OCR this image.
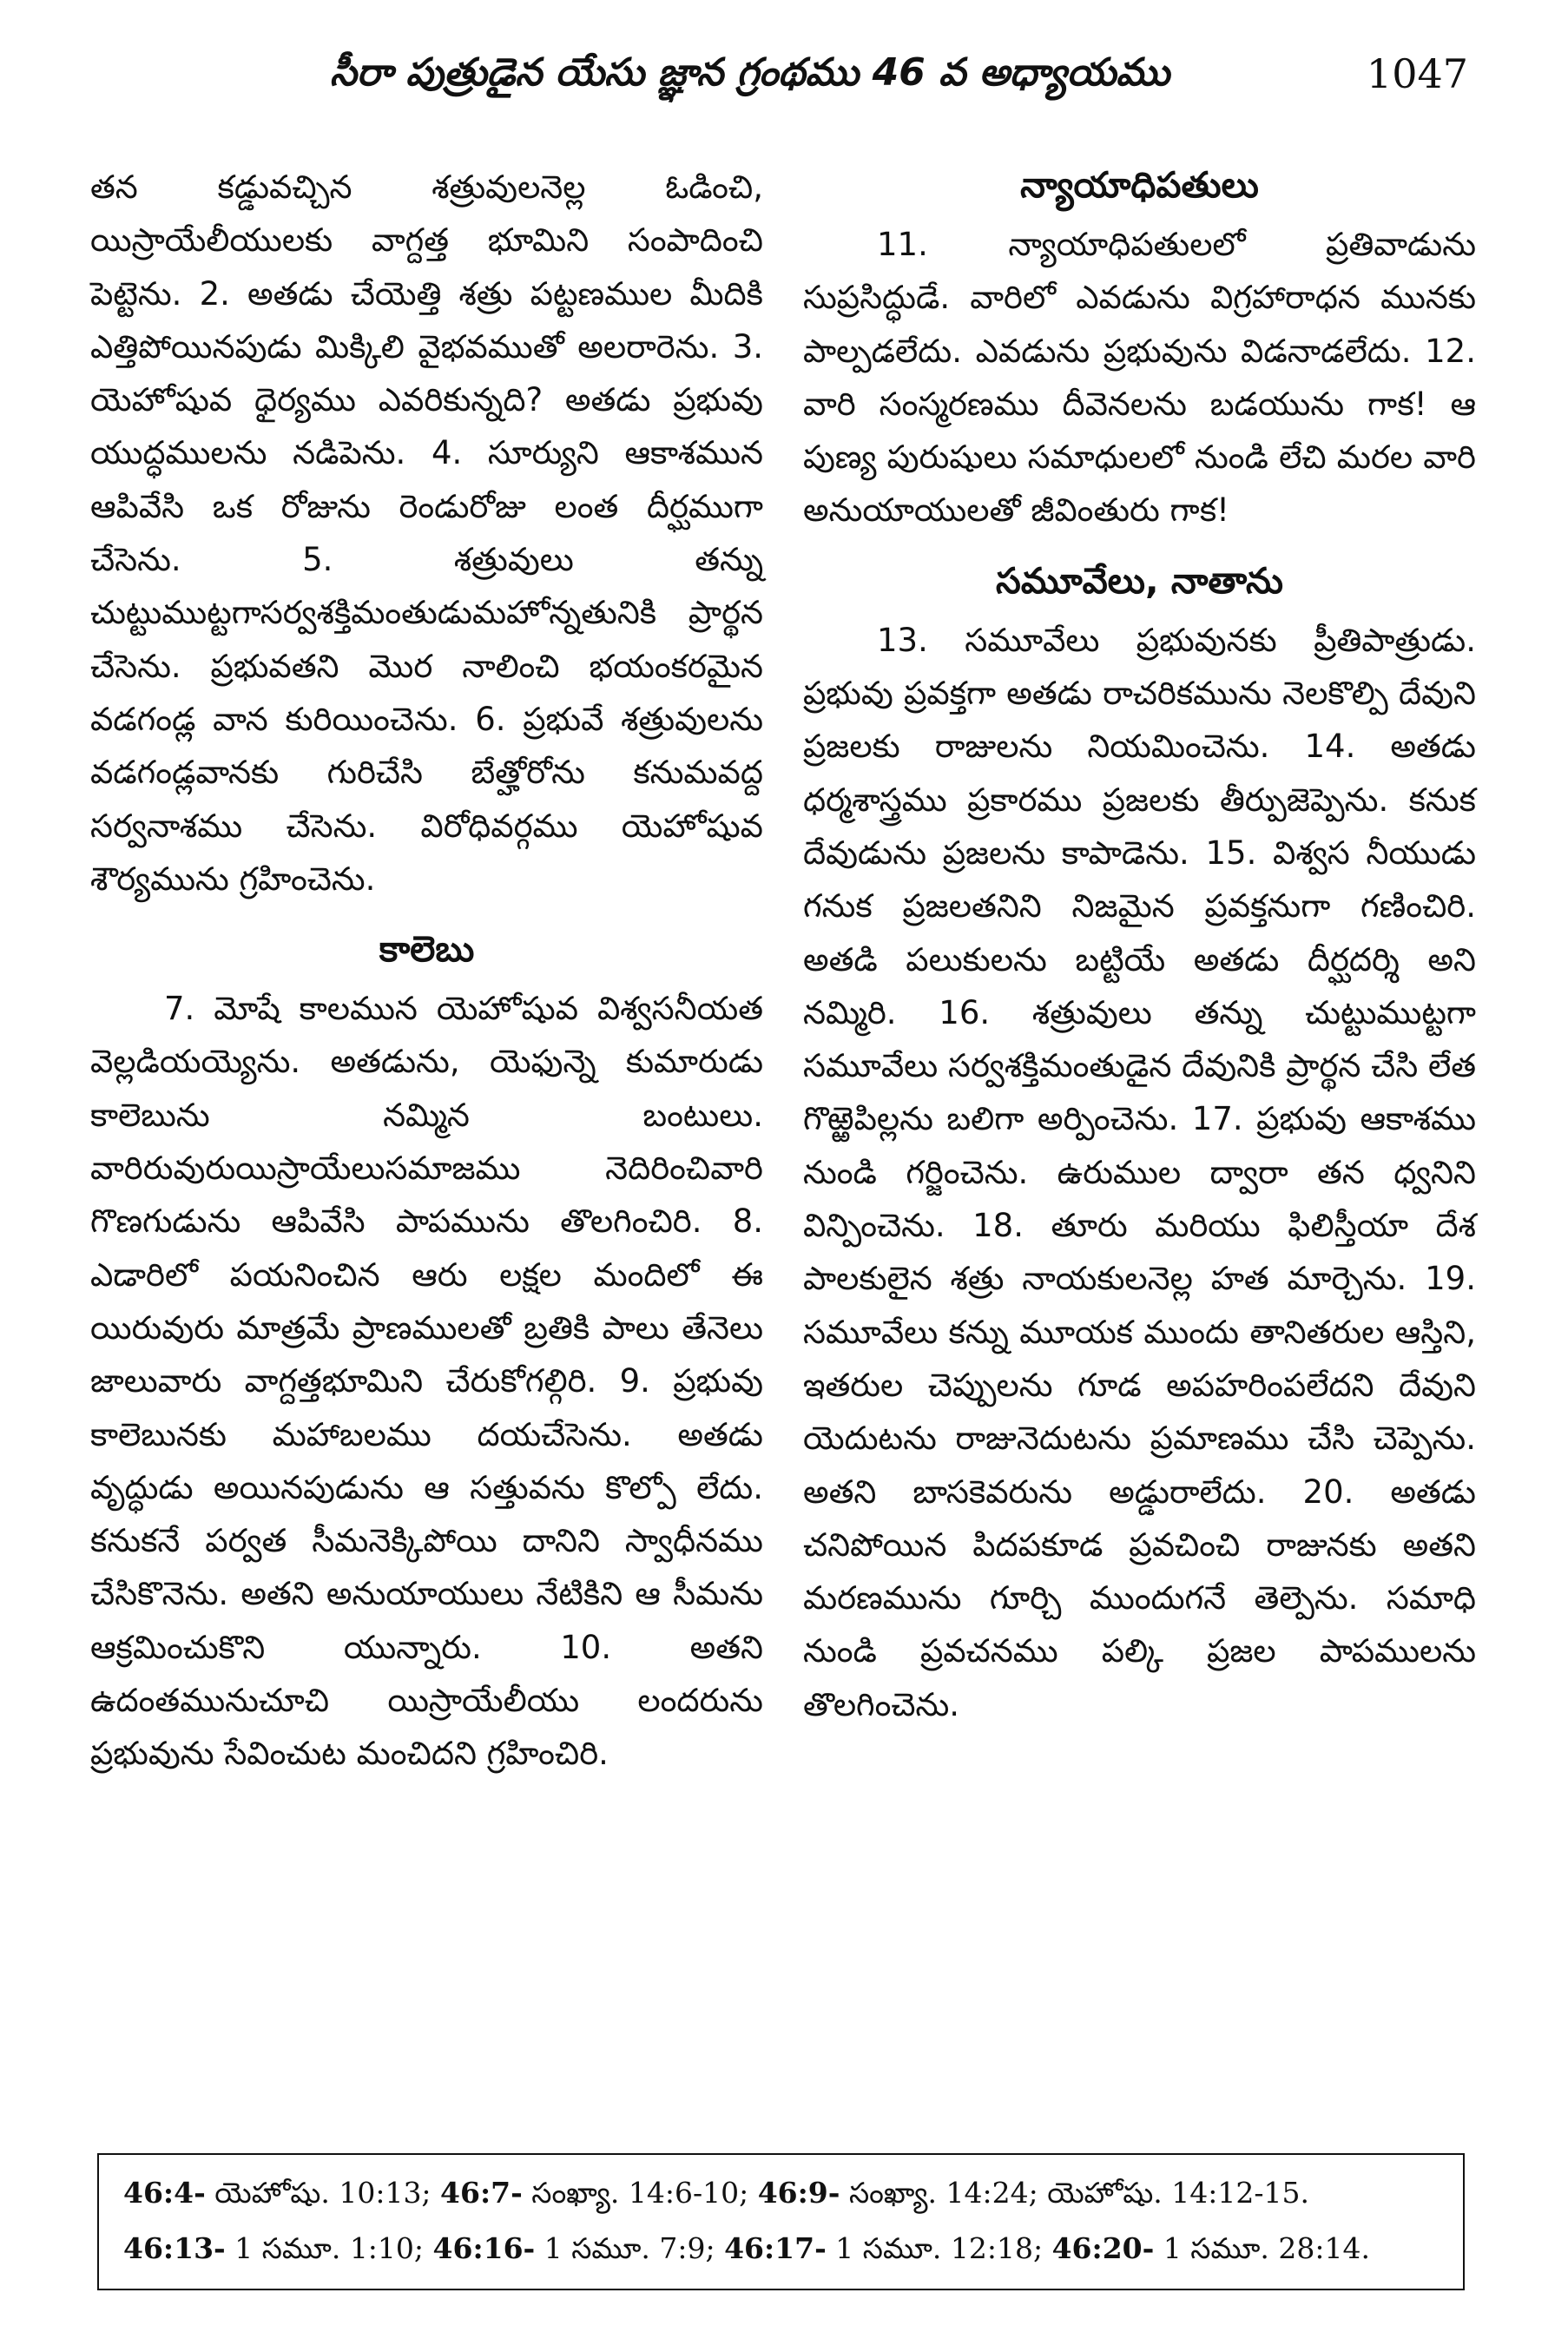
సీరా పుత్రుడైన యేసు జ్ఞాన గ్రంథము 46 వ అధ్యాయము	1047

తన కడ్డువచ్చిన శత్రువులనెల్ల ఓడించి, యిస్రాయేలీయులకు వాగ్దత్త భూమిని సంపాదించి పెట్టెను. 2. అతడు చేయెత్తి శత్రు పట్టణముల మీదికి ఎత్తిపోయినపుడు మిక్కిలి వైభవముతో అలరారెను. 3. యెహోషువ ధైర్యము ఎవరికున్నది? అతడు ప్రభువు యుద్ధములను నడిపెను. 4. సూర్యుని ఆకాశమున ఆపివేసి ఒక రోజును రెండురోజు లంత దీర్ఘముగా చేసెను. 5. శత్రువులు తన్ను చుట్టుముట్టగాసర్వశక్తిమంతుడుమహోన్నతునికి ప్రార్థన చేసెను. ప్రభువతని మొర నాలించి భయంకరమైన వడగండ్ల వాన కురియించెను. 6. ప్రభువే శత్రువులను వడగండ్లవానకు గురిచేసి బేత్హోరోను కనుమవద్ద సర్వనాశము చేసెను. విరోధివర్గము యెహోషువ శౌర్యమును గ్రహించెను.

కాలెబు

7. మోషే కాలమున యెహోషువ విశ్వసనీయత వెల్లడియయ్యెను. అతడును, యెఫున్నె కుమారుడు కాలెబును నమ్మిన బంటులు. వారిరువురుయిస్రాయేలుసమాజము నెదిరించివారి గొణగుడును ఆపివేసి పాపమును తొలగించిరి. 8. ఎడారిలో పయనించిన ఆరు లక్షల మందిలో ఈ యిరువురు మాత్రమే ప్రాణములతో బ్రతికి పాలు తేనెలు జాలువారు వాగ్దత్తభూమిని చేరుకోగల్గిరి. 9. ప్రభువు కాలెబునకు మహాబలము దయచేసెను. అతడు వృద్ధుడు అయినపుడును ఆ సత్తువను కొల్పో లేదు. కనుకనే పర్వత సీమనెక్కిపోయి దానిని స్వాధీనము చేసికొనెను. అతని అనుయాయులు నేటికిని ఆ సీమను ఆక్రమించుకొని యున్నారు. 10. అతని ఉదంతమునుచూచి యిస్రాయేలీయు లందరును ప్రభువును సేవించుట మంచిదని గ్రహించిరి.

న్యాయాధిపతులు

11. న్యాయాధిపతులలో ప్రతివాడును సుప్రసిద్ధుడే. వారిలో ఎవడును విగ్రహారాధన మునకు పాల్పడలేదు. ఎవడును ప్రభువును విడనాడలేదు. 12. వారి సంస్మరణము దీవెనలను బడయును గాక! ఆ పుణ్య పురుషులు సమాధులలో నుండి లేచి మరల వారి అనుయాయులతో జీవింతురు గాక!

సమూవేలు, నాతాను

13. సమూవేలు ప్రభువునకు ప్రీతిపాత్రుడు. ప్రభువు ప్రవక్తగా అతడు రాచరికమును నెలకొల్పి దేవుని ప్రజలకు రాజులను నియమించెను. 14. అతడు ధర్మశాస్త్రము ప్రకారము ప్రజలకు తీర్పుజెప్పెను. కనుక దేవుడును ప్రజలను కాపాడెను. 15. విశ్వస నీయుడు గనుక ప్రజలతనిని నిజమైన ప్రవక్తనుగా గణించిరి. అతడి పలుకులను బట్టియే అతడు దీర్ఘదర్శి అని నమ్మిరి. 16. శత్రువులు తన్ను చుట్టుముట్టగా సమూవేలు సర్వశక్తిమంతుడైన దేవునికి ప్రార్థన చేసి లేత గొఱ్ఱెపిల్లను బలిగా అర్పించెను. 17. ప్రభువు ఆకాశము నుండి గర్జించెను. ఉరుముల ద్వారా తన ధ్వనిని విన్పించెను. 18. తూరు మరియు ఫిలిస్తీయా దేశ పాలకులైన శత్రు నాయకులనెల్ల హత మార్చెను. 19. సమూవేలు కన్ను మూయక ముందు తానితరుల ఆస్తిని, ఇతరుల చెప్పులను గూడ అపహరింపలేదని దేవుని యెదుటను రాజునెదుటను ప్రమాణము చేసి చెప్పెను. అతని బాసకెవరును అడ్డురాలేదు. 20. అతడు చనిపోయిన పిదపకూడ ప్రవచించి రాజునకు అతని మరణమును గూర్చి ముందుగనే తెల్పెను. సమాధి నుండి ప్రవచనము పల్కి ప్రజల పాపములను తొలగించెను.

46:4- యెహోషు. 10:13; 46:7- సంఖ్యా. 14:6-10; 46:9- సంఖ్యా. 14:24; యెహోషు. 14:12-15.
46:13- 1 సమూ. 1:10; 46:16- 1 సమూ. 7:9; 46:17- 1 సమూ. 12:18; 46:20- 1 సమూ. 28:14.
